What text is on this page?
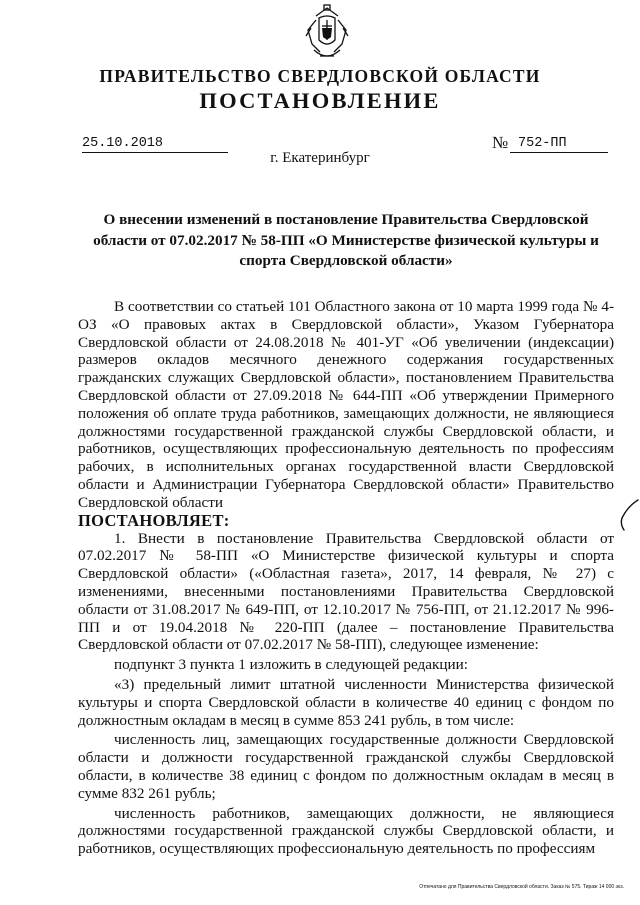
ПРАВИТЕЛЬСТВО СВЕРДЛОВСКОЙ ОБЛАСТИ
ПОСТАНОВЛЕНИЕ
25.10.2018	№ 752-ПП
г. Екатеринбург
О внесении изменений в постановление Правительства Свердловской области от 07.02.2017 № 58-ПП «О Министерстве физической культуры и спорта Свердловской области»

В соответствии со статьей 101 Областного закона от 10 марта 1999 года № 4-ОЗ «О правовых актах в Свердловской области», Указом Губернатора Свердловской области от 24.08.2018 № 401-УГ «Об увеличении (индексации) размеров окладов месячного денежного содержания государственных гражданских служащих Свердловской области», постановлением Правительства Свердловской области от 27.09.2018 № 644-ПП «Об утверждении Примерного положения об оплате труда работников, замещающих должности, не являющиеся должностями государственной гражданской службы Свердловской области, и работников, осуществляющих профессиональную деятельность по профессиям рабочих, в исполнительных органах государственной власти Свердловской области и Администрации Губернатора Свердловской области» Правительство Свердловской области

ПОСТАНОВЛЯЕТ:

1. Внести в постановление Правительства Свердловской области от 07.02.2017 № 58-ПП «О Министерстве физической культуры и спорта Свердловской области» («Областная газета», 2017, 14 февраля, № 27) с изменениями, внесенными постановлениями Правительства Свердловской области от 31.08.2017 № 649-ПП, от 12.10.2017 № 756-ПП, от 21.12.2017 № 996-ПП и от 19.04.2018 № 220-ПП (далее – постановление Правительства Свердловской области от 07.02.2017 № 58-ПП), следующее изменение:

подпункт 3 пункта 1 изложить в следующей редакции:

«3) предельный лимит штатной численности Министерства физической культуры и спорта Свердловской области в количестве 40 единиц с фондом по должностным окладам в месяц в сумме 853 241 рубль, в том числе:

численность лиц, замещающих государственные должности Свердловской области и должности государственной гражданской службы Свердловской области, в количестве 38 единиц с фондом по должностным окладам в месяц в сумме 832 261 рубль;

численность работников, замещающих должности, не являющиеся должностями государственной гражданской службы Свердловской области, и работников, осуществляющих профессиональную деятельность по профессиям

Отпечатано для Правительства Свердловской области. Заказ № 575. Тираж 14 000 экз.
